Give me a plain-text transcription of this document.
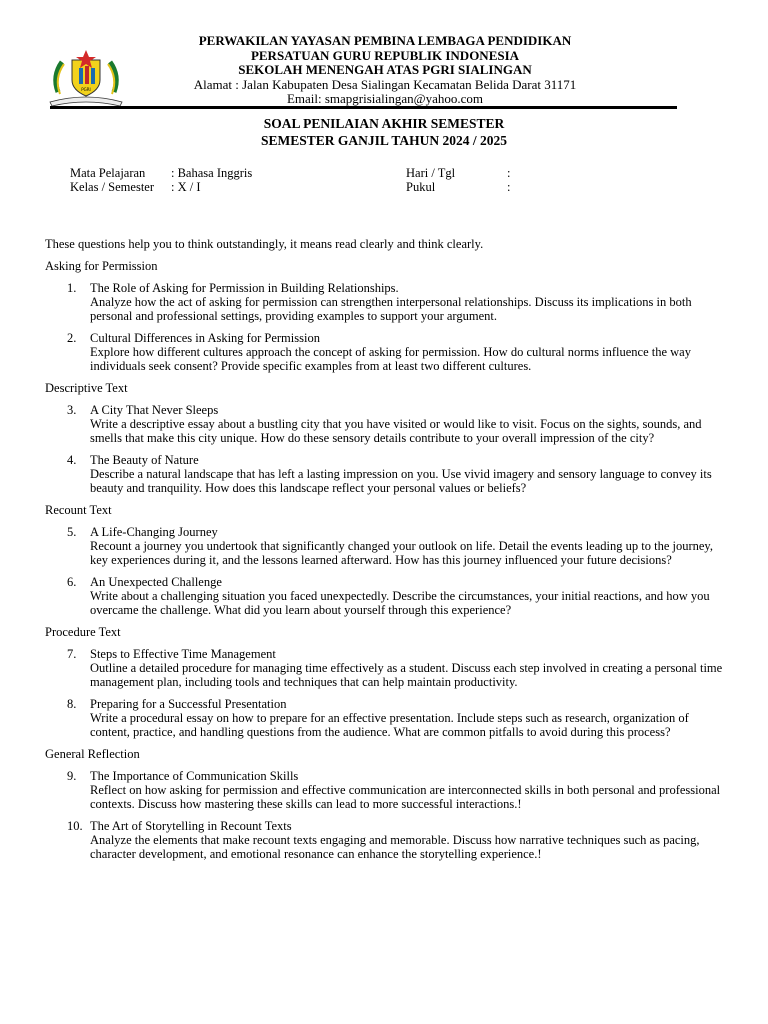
PGRI
PERWAKILAN YAYASAN PEMBINA LEMBAGA PENDIDIKAN
PERSATUAN GURU REPUBLIK INDONESIA
SEKOLAH MENENGAH ATAS PGRI SIALINGAN
Alamat : Jalan Kabupaten Desa Sialingan Kecamatan Belida Darat 31171
Email: smapgrisialingan@yahoo.com
SOAL PENILAIAN AKHIR SEMESTER
SEMESTER GANJIL TAHUN 2024 / 2025
Mata Pelajaran : Bahasa Inggris
Kelas / Semester : X / I
Hari / Tgl	:
Pukul	:

These questions help you to think outstandingly, it means read clearly and think clearly.

Asking for Permission

1.	The Role of Asking for Permission in Building Relationships.
Analyze how the act of asking for permission can strengthen interpersonal relationships. Discuss its implications in both personal and professional settings, providing examples to support your argument.
2.	Cultural Differences in Asking for Permission
Explore how different cultures approach the concept of asking for permission. How do cultural norms influence the way individuals seek consent? Provide specific examples from at least two different cultures.

Descriptive Text

3.	A City That Never Sleeps
Write a descriptive essay about a bustling city that you have visited or would like to visit. Focus on the sights, sounds, and smells that make this city unique. How do these sensory details contribute to your overall impression of the city?
4.	The Beauty of Nature
Describe a natural landscape that has left a lasting impression on you. Use vivid imagery and sensory language to convey its beauty and tranquility. How does this landscape reflect your personal values or beliefs?

Recount Text

5.	A Life-Changing Journey
Recount a journey you undertook that significantly changed your outlook on life. Detail the events leading up to the journey, key experiences during it, and the lessons learned afterward. How has this journey influenced your future decisions?
6.	An Unexpected Challenge
Write about a challenging situation you faced unexpectedly. Describe the circumstances, your initial reactions, and how you overcame the challenge. What did you learn about yourself through this experience?

Procedure Text

7.	Steps to Effective Time Management
Outline a detailed procedure for managing time effectively as a student. Discuss each step involved in creating a personal time management plan, including tools and techniques that can help maintain productivity.
8.	Preparing for a Successful Presentation
Write a procedural essay on how to prepare for an effective presentation. Include steps such as research, organization of content, practice, and handling questions from the audience. What are common pitfalls to avoid during this process?

General Reflection

9.	The Importance of Communication Skills
Reflect on how asking for permission and effective communication are interconnected skills in both personal and professional contexts. Discuss how mastering these skills can lead to more successful interactions.!
10. The Art of Storytelling in Recount Texts
Analyze the elements that make recount texts engaging and memorable. Discuss how narrative techniques such as pacing, character development, and emotional resonance can enhance the storytelling experience.!
